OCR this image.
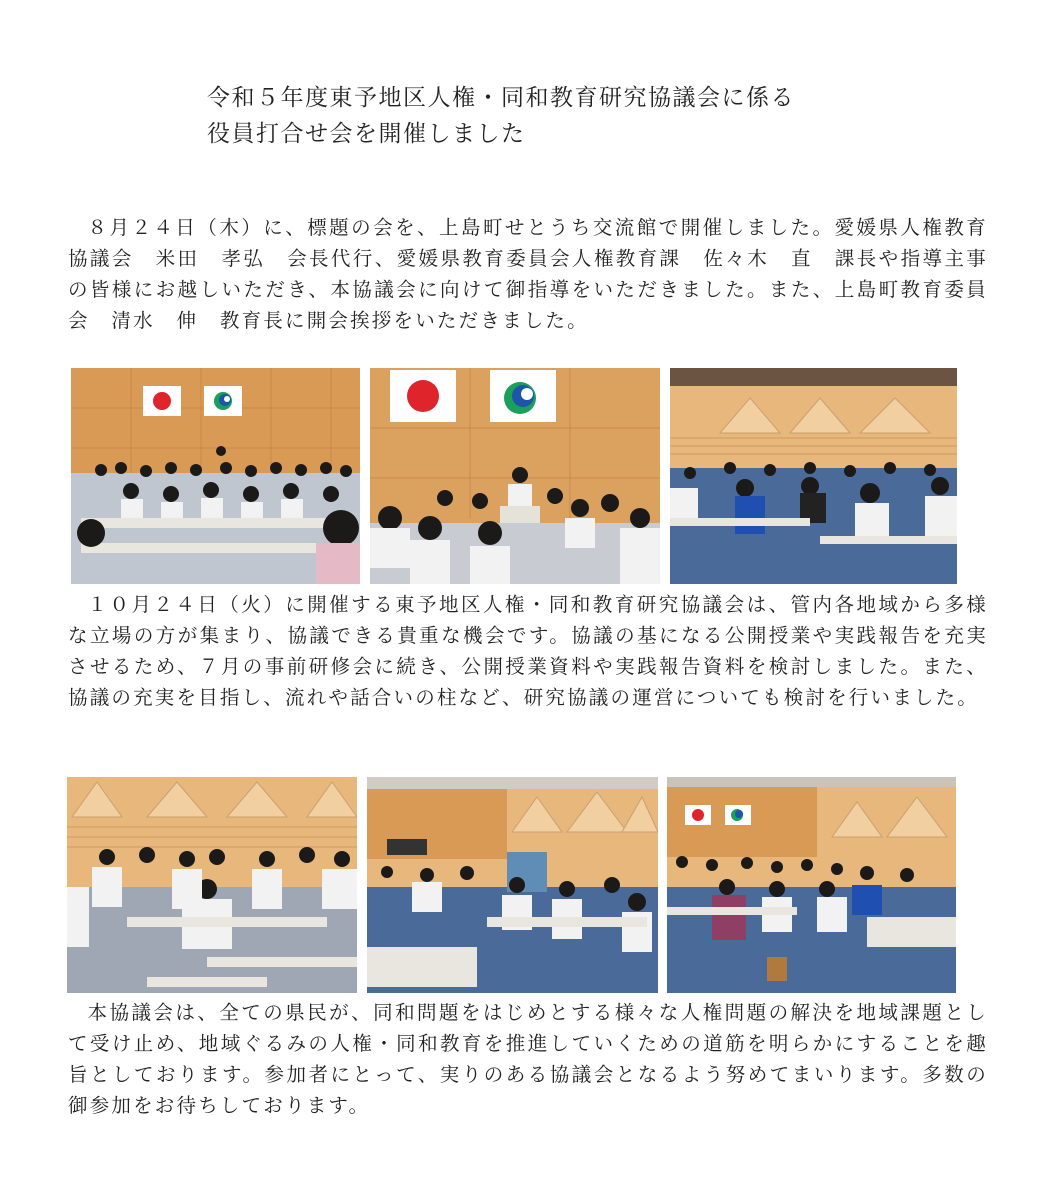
令和５年度東予地区人権・同和教育研究協議会に係る
役員打合せ会を開催しました
８月２４日（木）に、標題の会を、上島町せとうち交流館で開催しました。愛媛県人権教育協議会　米田　孝弘　会長代行、愛媛県教育委員会人権教育課　佐々木　直　課長や指導主事の皆様にお越しいただき、本協議会に向けて御指導をいただきました。また、上島町教育委員会　清水　伸　教育長に開会挨拶をいただきました。
１０月２４日（火）に開催する東予地区人権・同和教育研究協議会は、管内各地域から多様な立場の方が集まり、協議できる貴重な機会です。協議の基になる公開授業や実践報告を充実させるため、７月の事前研修会に続き、公開授業資料や実践報告資料を検討しました。また、協議の充実を目指し、流れや話合いの柱など、研究協議の運営についても検討を行いました。
本協議会は、全ての県民が、同和問題をはじめとする様々な人権問題の解決を地域課題として受け止め、地域ぐるみの人権・同和教育を推進していくための道筋を明らかにすることを趣旨としております。参加者にとって、実りのある協議会となるよう努めてまいります。多数の御参加をお待ちしております。
